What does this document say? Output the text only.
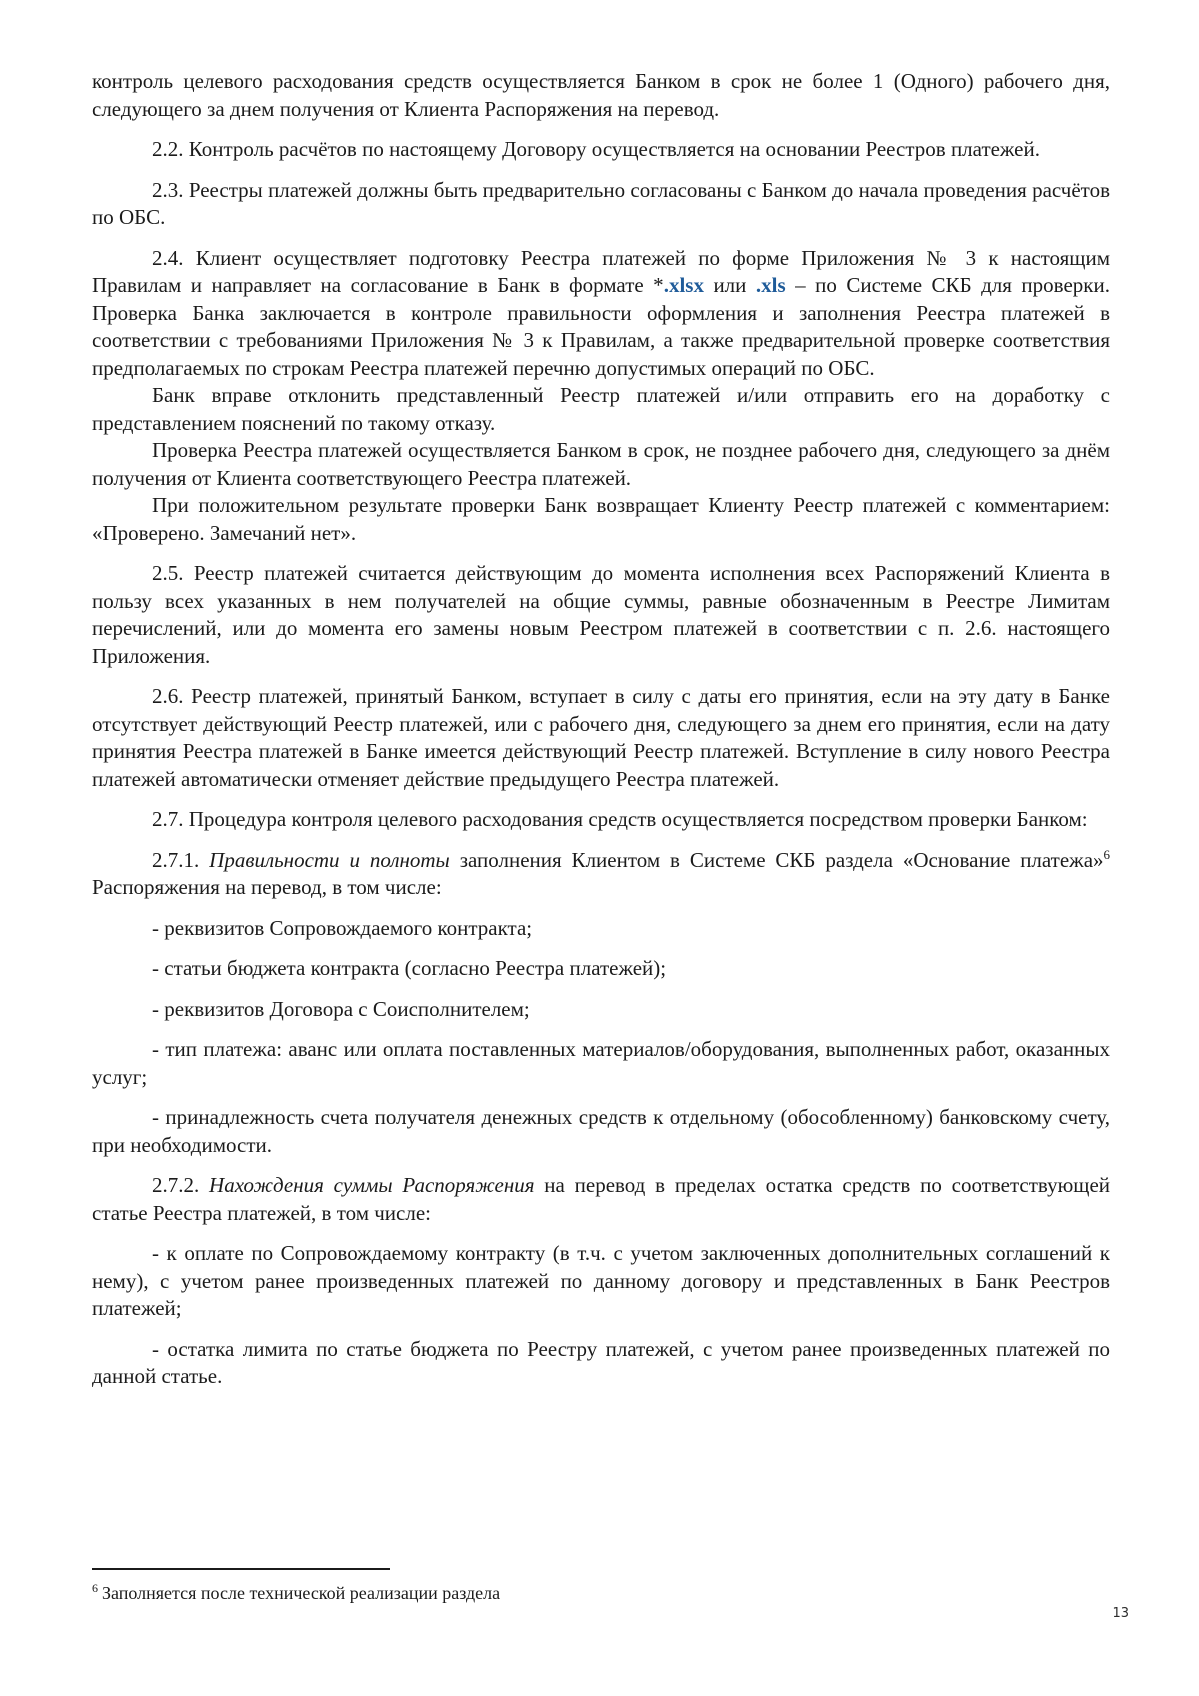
контроль целевого расходования средств осуществляется Банком в срок не более 1 (Одного) рабочего дня, следующего за днем получения от Клиента Распоряжения на перевод.

2.2. Контроль расчётов по настоящему Договору осуществляется на основании Реестров платежей.

2.3. Реестры платежей должны быть предварительно согласованы с Банком до начала проведения расчётов по ОБС.

2.4. Клиент осуществляет подготовку Реестра платежей по форме Приложения № 3 к настоящим Правилам и направляет на согласование в Банк в формате *.xlsx или .xls – по Системе СКБ для проверки. Проверка Банка заключается в контроле правильности оформления и заполнения Реестра платежей в соответствии с требованиями Приложения № 3 к Правилам, а также предварительной проверке соответствия предполагаемых по строкам Реестра платежей перечню допустимых операций по ОБС.

Банк вправе отклонить представленный Реестр платежей и/или отправить его на доработку с представлением пояснений по такому отказу.

Проверка Реестра платежей осуществляется Банком в срок, не позднее рабочего дня, следующего за днём получения от Клиента соответствующего Реестра платежей.

При положительном результате проверки Банк возвращает Клиенту Реестр платежей с комментарием: «Проверено. Замечаний нет».

2.5. Реестр платежей считается действующим до момента исполнения всех Распоряжений Клиента в пользу всех указанных в нем получателей на общие суммы, равные обозначенным в Реестре Лимитам перечислений, или до момента его замены новым Реестром платежей в соответствии с п. 2.6. настоящего Приложения.

2.6. Реестр платежей, принятый Банком, вступает в силу с даты его принятия, если на эту дату в Банке отсутствует действующий Реестр платежей, или с рабочего дня, следующего за днем его принятия, если на дату принятия Реестра платежей в Банке имеется действующий Реестр платежей. Вступление в силу нового Реестра платежей автоматически отменяет действие предыдущего Реестра платежей.

2.7. Процедура контроля целевого расходования средств осуществляется посредством проверки Банком:

2.7.1. Правильности и полноты заполнения Клиентом в Системе СКБ раздела «Основание платежа»$^6$ Распоряжения на перевод, в том числе:

- реквизитов Сопровождаемого контракта;

- статьи бюджета контракта (согласно Реестра платежей);

- реквизитов Договора с Соисполнителем;

- тип платежа: аванс или оплата поставленных материалов/оборудования, выполненных работ, оказанных услуг;

- принадлежность счета получателя денежных средств к отдельному (обособленному) банковскому счету, при необходимости.

2.7.2. Нахождения суммы Распоряжения на перевод в пределах остатка средств по соответствующей статье Реестра платежей, в том числе:

- к оплате по Сопровождаемому контракту (в т.ч. с учетом заключенных дополнительных соглашений к нему), с учетом ранее произведенных платежей по данному договору и представленных в Банк Реестров платежей;

- остатка лимита по статье бюджета по Реестру платежей, с учетом ранее произведенных платежей по данной статье.

$^6$ Заполняется после технической реализации раздела
13
